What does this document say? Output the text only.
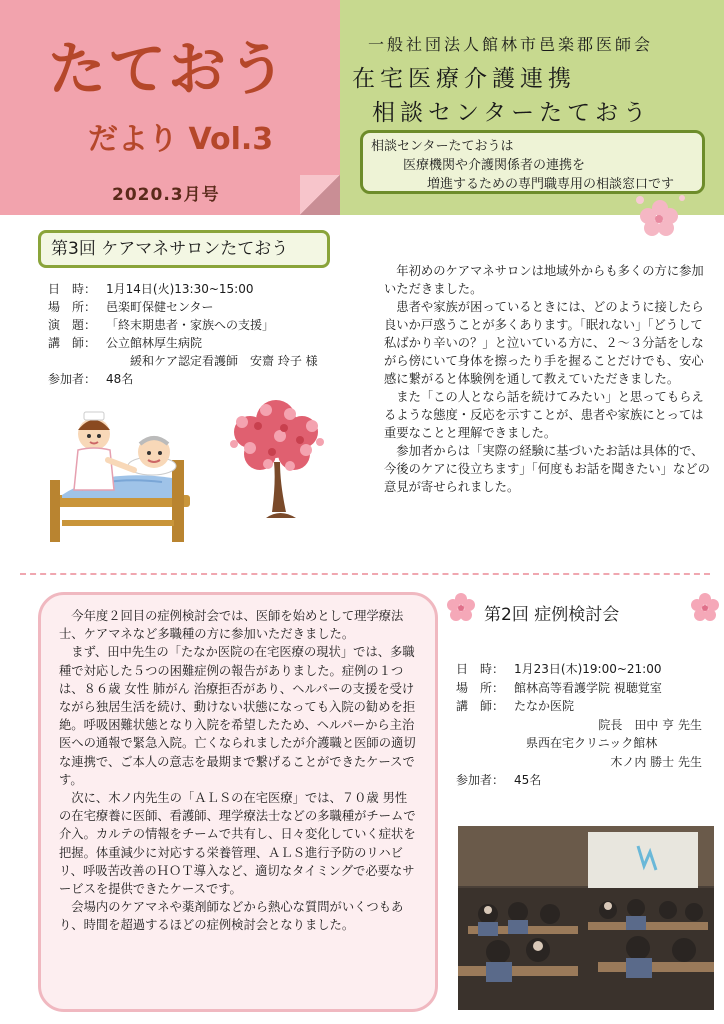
たておう
だより Vol.3
2020.3月号
一般社団法人館林市邑楽郡医師会
在宅医療介護連携
相談センターたておう
相談センターたておうは
医療機関や介護関係者の連携を
増進するための専門職専用の相談窓口です
第3回 ケアマネサロンたておう
日　時： 1月14日(火)13:30~15:00
場　所： 邑楽町保健センター
演　題： 「終末期患者・家族への支援」
講　師： 公立館林厚生病院
緩和ケア認定看護師　安齋 玲子 様
参加者： 48名

年初めのケアマネサロンは地域外からも多くの方に参加いただきました。

患者や家族が困っているときには、どのように接したら良いか戸惑うことが多くあります。「眠れない」「どうして私ばかり辛いの？」と泣いている方に、２～３分話をしながら傍にいて身体を擦ったり手を握ることだけでも、安心感に繋がると体験例を通して教えていただきました。

また「この人となら話を続けてみたい」と思ってもらえるような態度・反応を示すことが、患者や家族にとっては重要なことと理解できました。

参加者からは「実際の経験に基づいたお話は具体的で、今後のケアに役立ちます」「何度もお話を聞きたい」などの意見が寄せられました。

今年度２回目の症例検討会では、医師を始めとして理学療法士、ケアマネなど多職種の方に参加いただきました。

まず、田中先生の「たなか医院の在宅医療の現状」では、多職種で対応した５つの困難症例の報告がありました。症例の１つは、８６歳 女性 肺がん 治療拒否があり、ヘルパーの支援を受けながら独居生活を続け、動けない状態になっても入院の勧めを拒絶。呼吸困難状態となり入院を希望したため、ヘルパーから主治医への通報で緊急入院。亡くなられましたが介護職と医師の適切な連携で、ご本人の意志を最期まで繋げることができたケースです。

次に、木ノ内先生の「ＡＬＳの在宅医療」では、７０歳 男性の在宅療養に医師、看護師、理学療法士などの多職種がチームで介入。カルテの情報をチームで共有し、日々変化していく症状を把握。体重減少に対応する栄養管理、ＡＬＳ進行予防のリハビリ、呼吸苦改善のＨＯＴ導入など、適切なタイミングで必要なサービスを提供できたケースです。

会場内のケアマネや薬剤師などから熱心な質問がいくつもあり、時間を超過するほどの症例検討会となりました。

第2回 症例検討会
日　時： 1月23日(木)19:00~21:00
場　所： 館林高等看護学院 視聴覚室
講　師： たなか医院
院長　田中 亨 先生
県西在宅クリニック館林
木ノ内 勝士 先生
参加者： 45名
